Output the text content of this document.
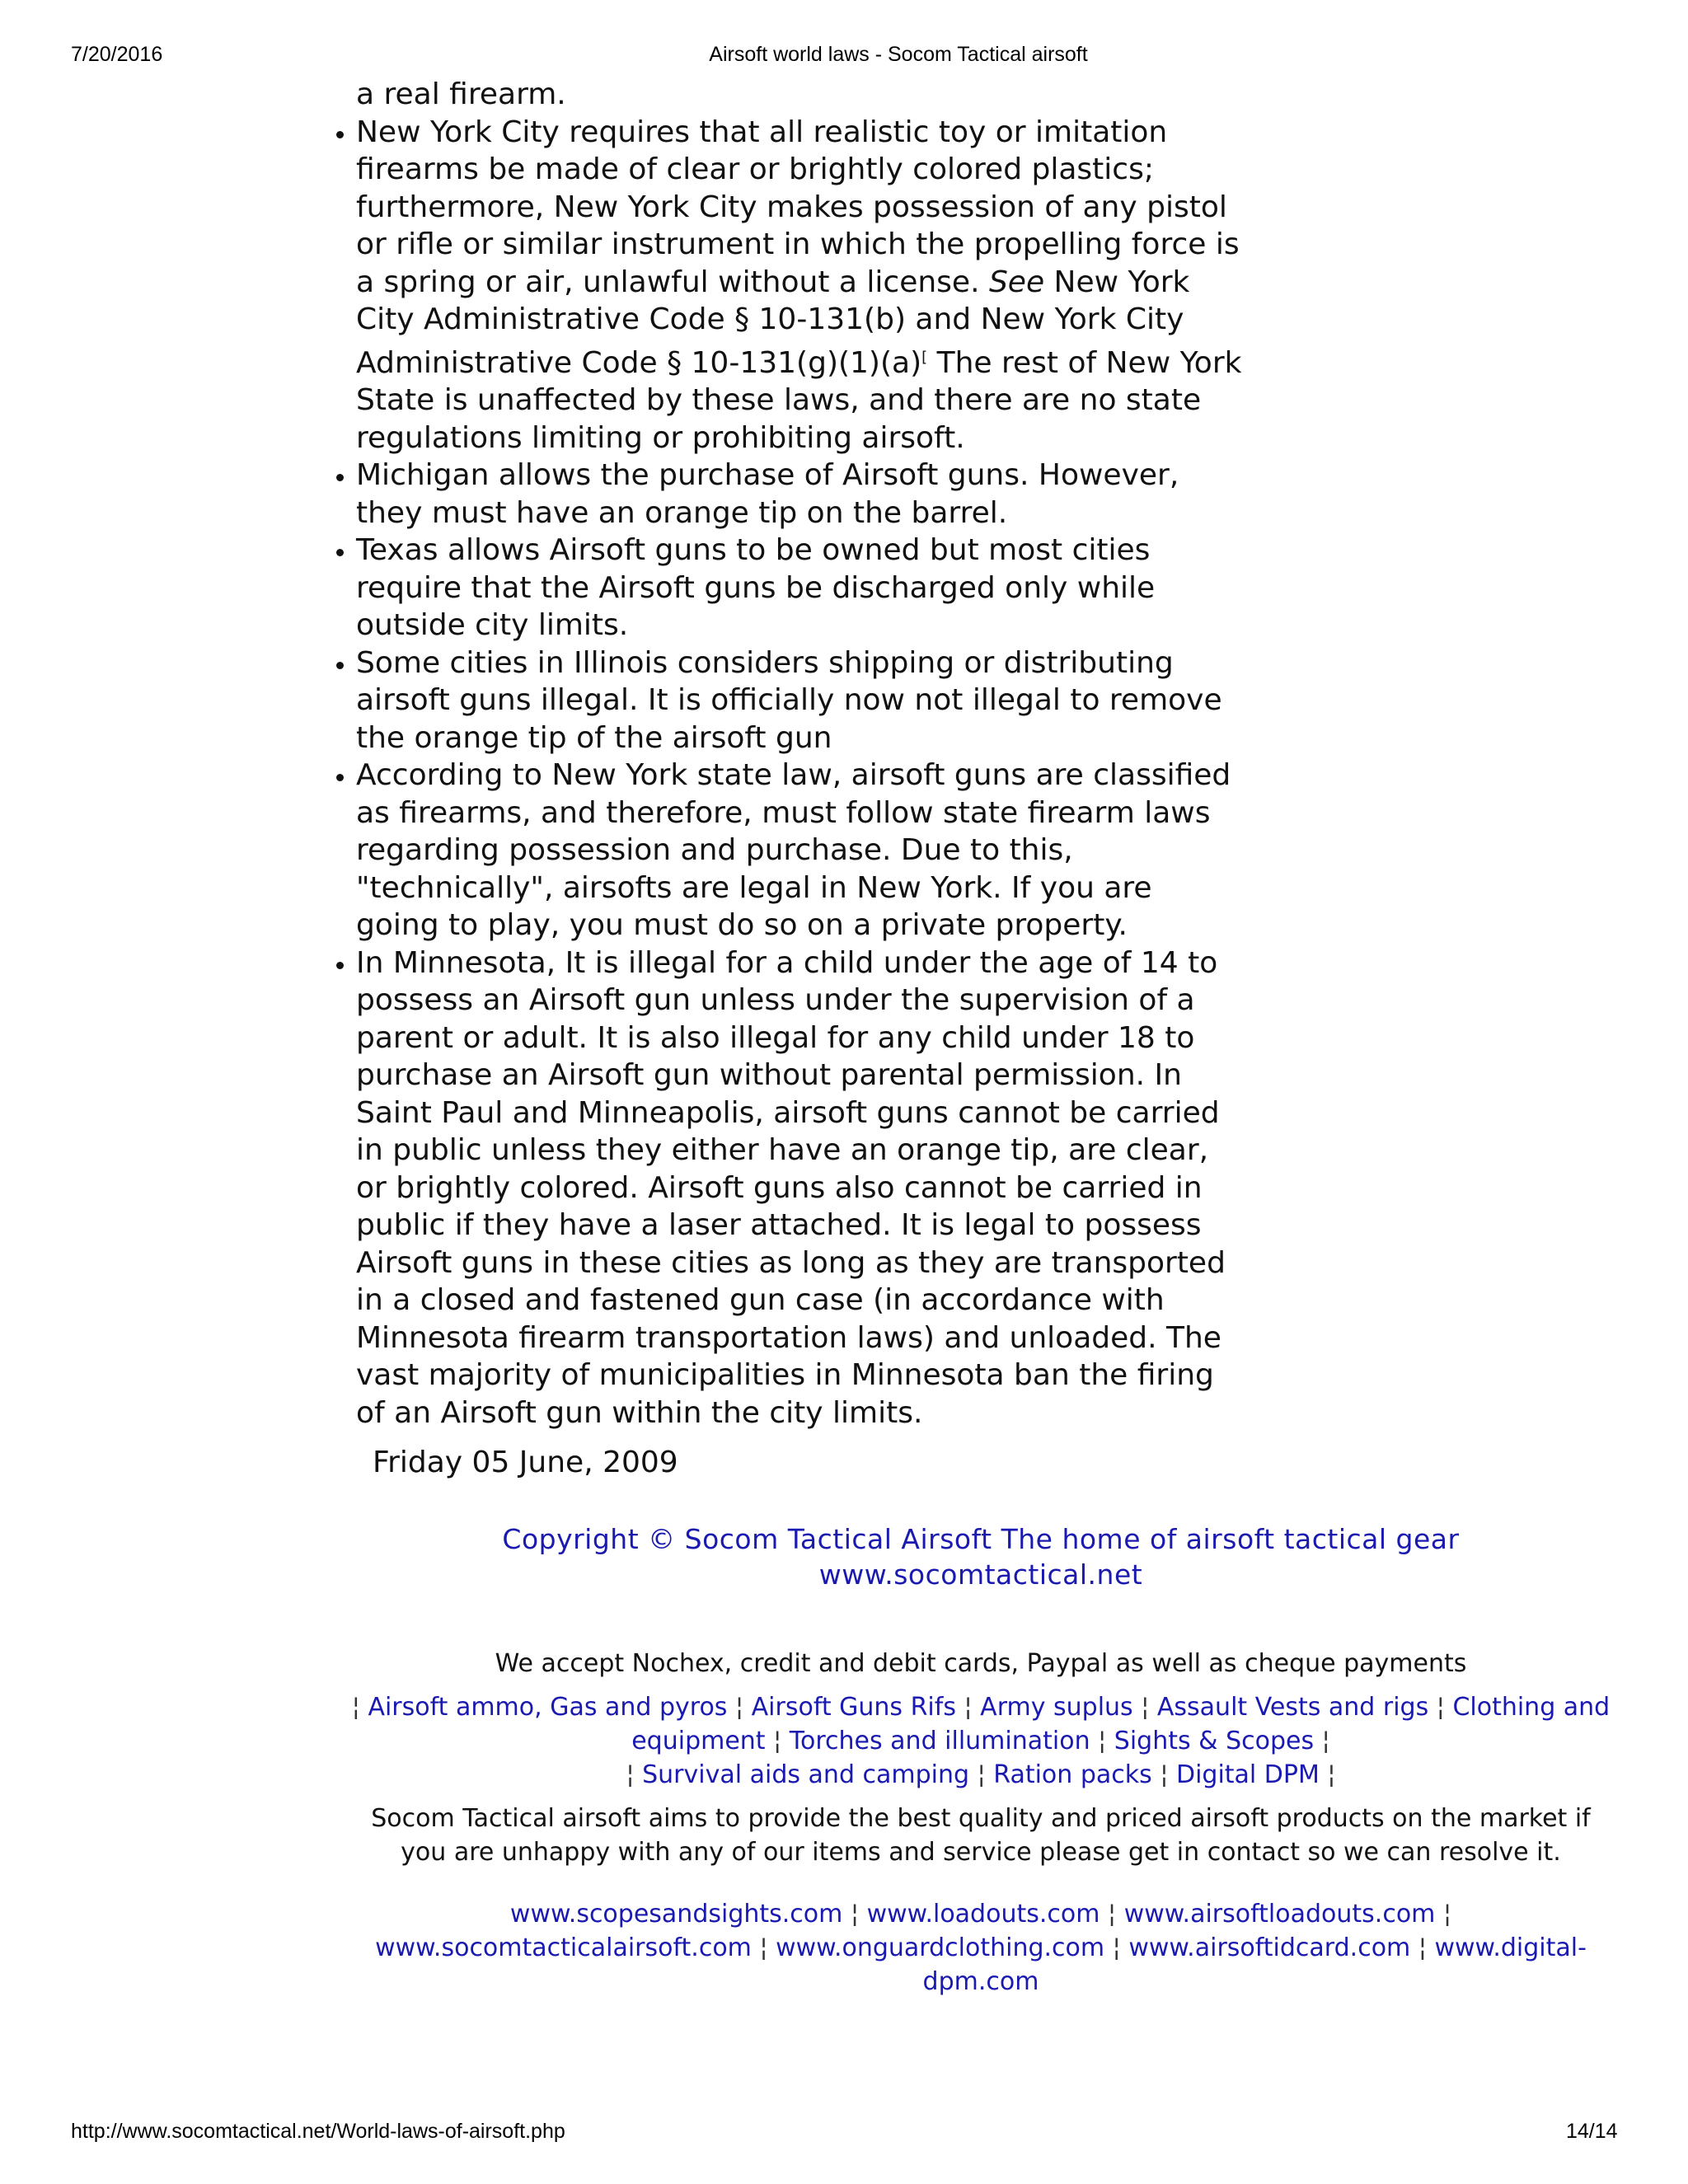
7/20/2016	Airsoft world laws - Socom Tactical airsoft

a real firearm.

• New York City requires that all realistic toy or imitation firearms be made of clear or brightly colored plastics; furthermore, New York City makes possession of any pistol or rifle or similar instrument in which the propelling force is a spring or air, unlawful without a license. See New York City Administrative Code § 10-131(b) and New York City Administrative Code § 10-131(g)(1)(a)[ The rest of New York State is unaffected by these laws, and there are no state regulations limiting or prohibiting airsoft.
• Michigan allows the purchase of Airsoft guns. However, they must have an orange tip on the barrel.
• Texas allows Airsoft guns to be owned but most cities require that the Airsoft guns be discharged only while outside city limits.
• Some cities in Illinois considers shipping or distributing airsoft guns illegal. It is officially now not illegal to remove the orange tip of the airsoft gun
• According to New York state law, airsoft guns are classified as firearms, and therefore, must follow state firearm laws regarding possession and purchase. Due to this, "technically", airsofts are legal in New York. If you are going to play, you must do so on a private property.
• In Minnesota, It is illegal for a child under the age of 14 to possess an Airsoft gun unless under the supervision of a parent or adult. It is also illegal for any child under 18 to purchase an Airsoft gun without parental permission. In Saint Paul and Minneapolis, airsoft guns cannot be carried in public unless they either have an orange tip, are clear, or brightly colored. Airsoft guns also cannot be carried in public if they have a laser attached. It is legal to possess Airsoft guns in these cities as long as they are transported in a closed and fastened gun case (in accordance with Minnesota firearm transportation laws) and unloaded. The vast majority of municipalities in Minnesota ban the firing of an Airsoft gun within the city limits.
Friday 05 June, 2009
Copyright © Socom Tactical Airsoft The home of airsoft tactical gear
www.socomtactical.net
We accept Nochex, credit and debit cards, Paypal as well as cheque payments
¦ Airsoft ammo, Gas and pyros ¦ Airsoft Guns Rifs ¦ Army suplus ¦ Assault Vests and rigs ¦ Clothing and equipment ¦ Torches and illumination ¦ Sights & Scopes ¦
¦ Survival aids and camping ¦ Ration packs ¦ Digital DPM ¦
Socom Tactical airsoft aims to provide the best quality and priced airsoft products on the market if you are unhappy with any of our items and service please get in contact so we can resolve it.
www.scopesandsights.com ¦ www.loadouts.com ¦ www.airsoftloadouts.com ¦
www.socomtacticalairsoft.com ¦ www.onguardclothing.com ¦ www.airsoftidcard.com ¦ www.digital-dpm.com
http://www.socomtactical.net/World-laws-of-airsoft.php	14/14
